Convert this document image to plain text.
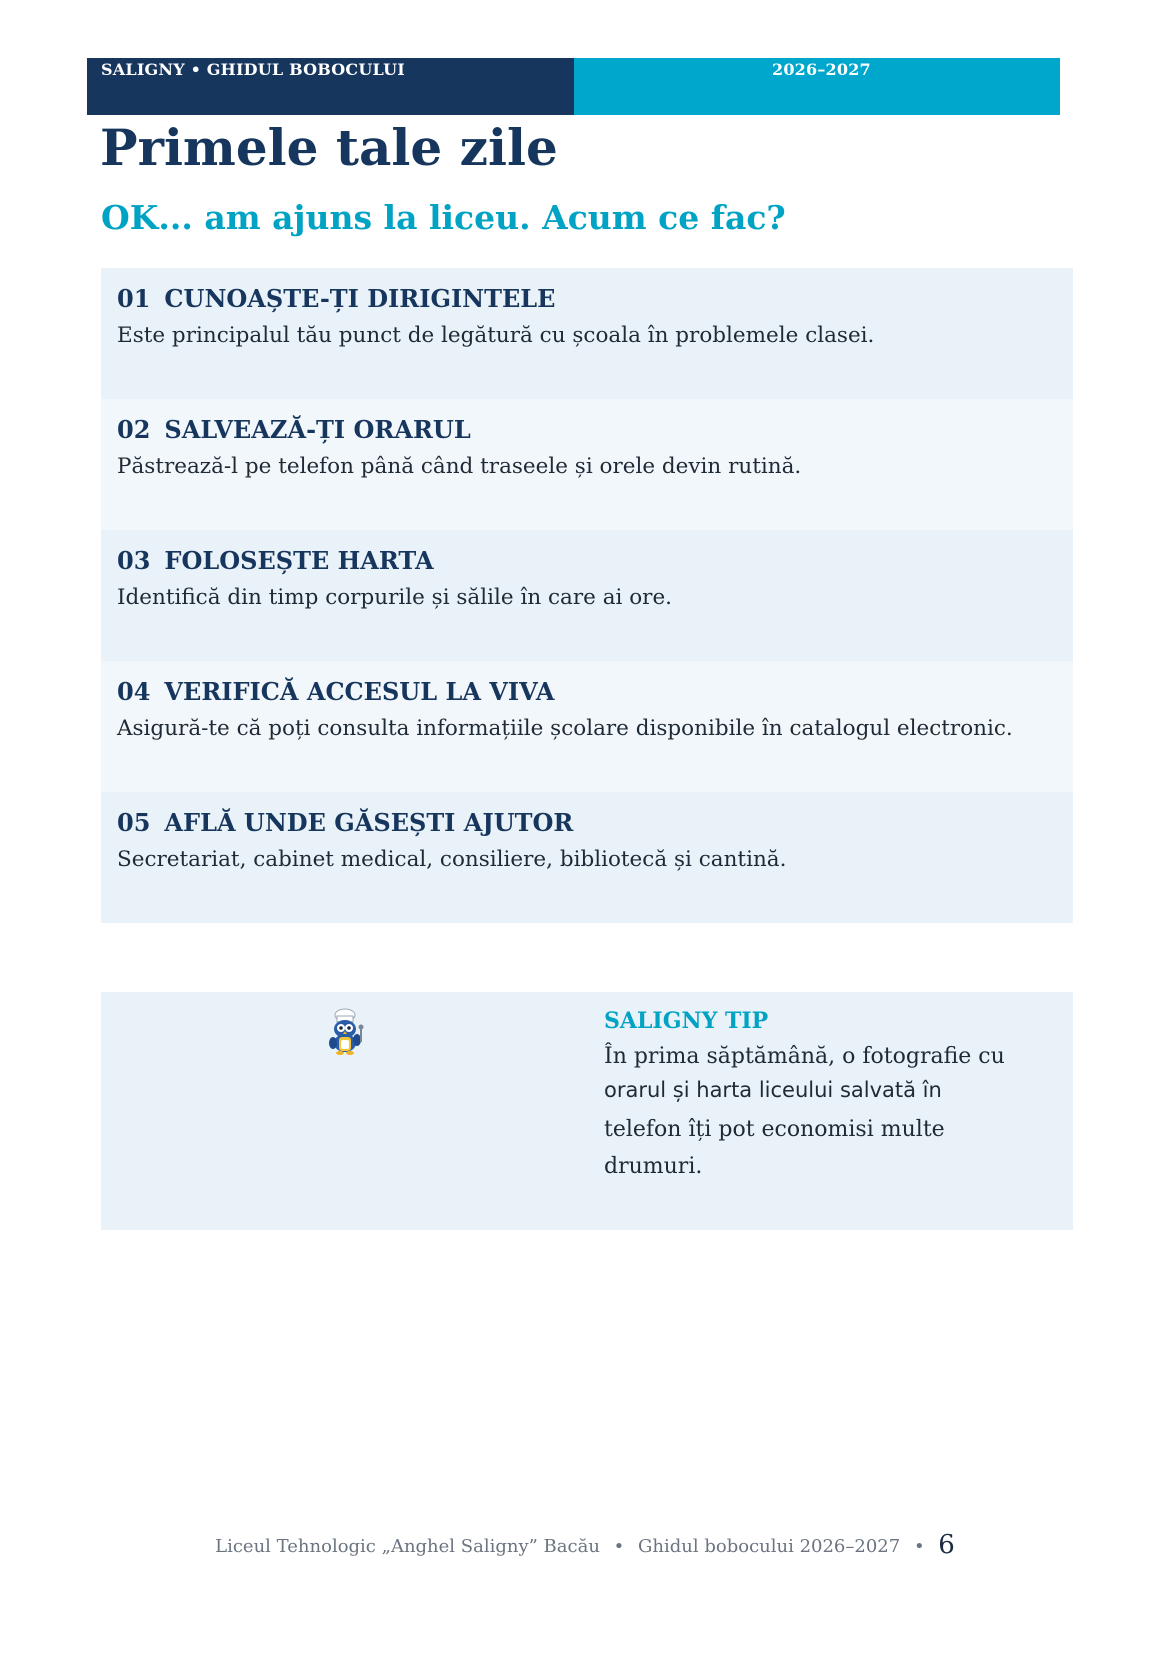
SALIGNY • GHIDUL BOBOCULUI	2026–2027
Primele tale zile
OK... am ajuns la liceu. Acum ce fac?
01 CUNOAȘTE-ȚI DIRIGINTELE
Este principalul tău punct de legătură cu școala în problemele clasei.
02 SALVEAZĂ-ȚI ORARUL
Păstrează-l pe telefon până când traseele și orele devin rutină.
03 FOLOSEȘTE HARTA
Identifică din timp corpurile și sălile în care ai ore.
04 VERIFICĂ ACCESUL LA VIVA
Asigură-te că poți consulta informațiile școlare disponibile în catalogul electronic.
05 AFLĂ UNDE GĂSEȘTI AJUTOR
Secretariat, cabinet medical, consiliere, bibliotecă și cantină.
SALIGNY TIP
În prima săptămână, o fotografie cu
orarul și harta liceului salvată în
telefon îți pot economisi multe
drumuri.
Liceul Tehnologic „Anghel Saligny” Bacău • Ghidul bobocului 2026–2027 • 6
